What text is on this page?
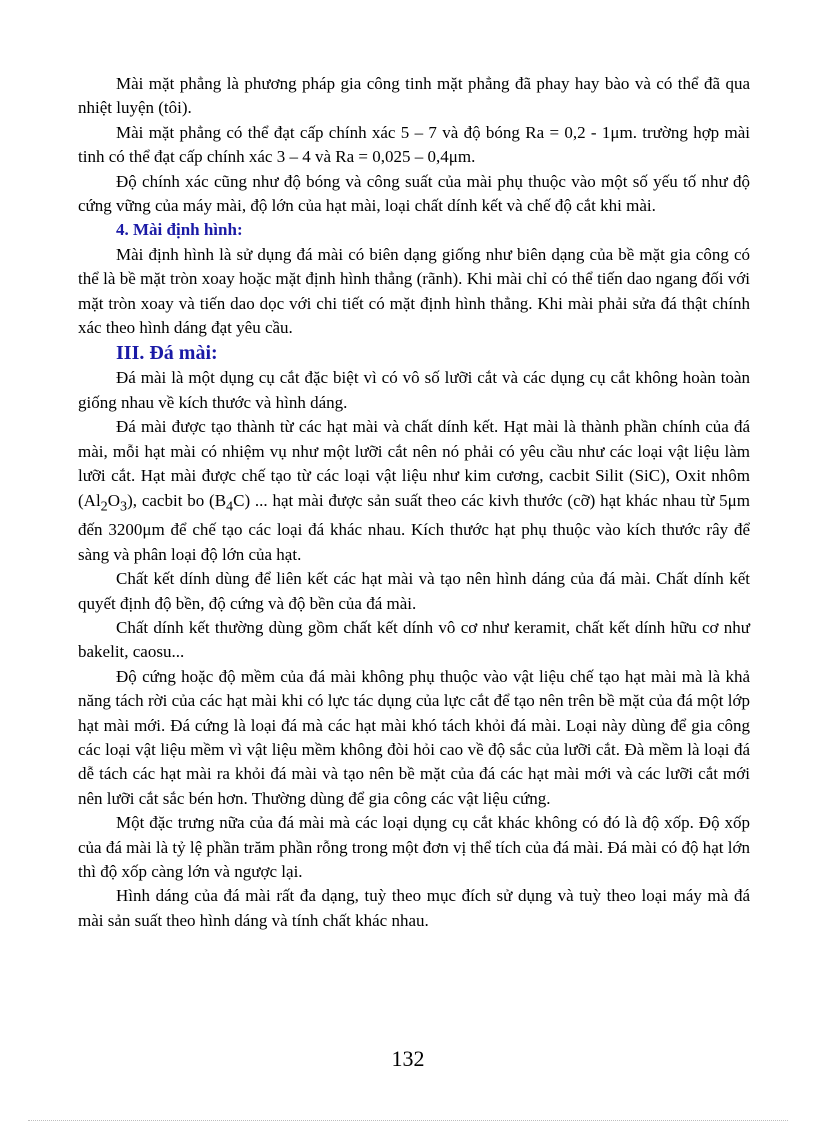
Mài mặt phẳng là phương pháp gia công tinh mặt phẳng đã phay hay bào và có thể đã qua nhiệt luyện (tôi).

Mài mặt phẳng có thể đạt cấp chính xác 5 – 7 và độ bóng Ra = 0,2 - 1μm. trường hợp mài tinh có thể đạt cấp chính xác 3 – 4 và Ra = 0,025 – 0,4μm.

Độ chính xác cũng như độ bóng và công suất của mài phụ thuộc vào một số yếu tố như độ cứng vững của máy mài, độ lớn của hạt mài, loại chất dính kết và chế độ cắt khi mài.

4. Mài định hình:

Mài định hình là sử dụng đá mài có biên dạng giống như biên dạng của bề mặt gia công có thể là bề mặt tròn xoay hoặc mặt định hình thẳng (rãnh). Khi mài chỉ có thể tiến dao ngang đối với mặt tròn xoay và tiến dao dọc với chi tiết có mặt định hình thẳng. Khi mài phải sửa đá thật chính xác theo hình dáng đạt yêu cầu.

III. Đá mài:

Đá mài là một dụng cụ cắt đặc biệt vì có vô số lưỡi cắt và các dụng cụ cắt không hoàn toàn giống nhau về kích thước và hình dáng.

Đá mài được tạo thành từ các hạt mài và chất dính kết. Hạt mài là thành phần chính của đá mài, mỗi hạt mài có nhiệm vụ như một lưỡi cắt nên nó phải có yêu cầu như các loại vật liệu làm lưỡi cắt. Hạt mài được chế tạo từ các loại vật liệu như kim cương, cacbit Silit (SiC), Oxit nhôm $(Al_2O_3)$, cacbit bo $(B_4C)$ ... hạt mài được sản suất theo các kivh thước (cỡ) hạt khác nhau từ 5μm đến 3200μm để chế tạo các loại đá khác nhau. Kích thước hạt phụ thuộc vào kích thước rây để sàng và phân loại độ lớn của hạt.

Chất kết dính dùng để liên kết các hạt mài và tạo nên hình dáng của đá mài. Chất dính kết quyết định độ bền, độ cứng và độ bền của đá mài.

Chất dính kết thường dùng gồm chất kết dính vô cơ như keramit, chất kết dính hữu cơ như bakelit, caosu...

Độ cứng hoặc độ mềm của đá mài không phụ thuộc vào vật liệu chế tạo hạt mài mà là khả năng tách rời của các hạt mài khi có lực tác dụng của lực cắt để tạo nên trên bề mặt của đá một lớp hạt mài mới. Đá cứng là loại đá mà các hạt mài khó tách khỏi đá mài. Loại này dùng để gia công các loại vật liệu mềm vì vật liệu mềm không đòi hỏi cao về độ sắc của lưỡi cắt. Đà mềm là loại đá dễ tách các hạt mài ra khỏi đá mài và tạo nên bề mặt của đá các hạt mài mới và các lưỡi cắt mới nên lưỡi cắt sắc bén hơn. Thường dùng để gia công các vật liệu cứng.

Một đặc trưng nữa của đá mài mà các loại dụng cụ cắt khác không có đó là độ xốp. Độ xốp của đá mài là tỷ lệ phần trăm phần rỗng trong một đơn vị thể tích của đá mài. Đá mài có độ hạt lớn thì độ xốp càng lớn và ngược lại.

Hình dáng của đá mài rất đa dạng, tuỳ theo mục đích sử dụng và tuỳ theo loại máy mà đá mài sản suất theo hình dáng và tính chất khác nhau.

132
